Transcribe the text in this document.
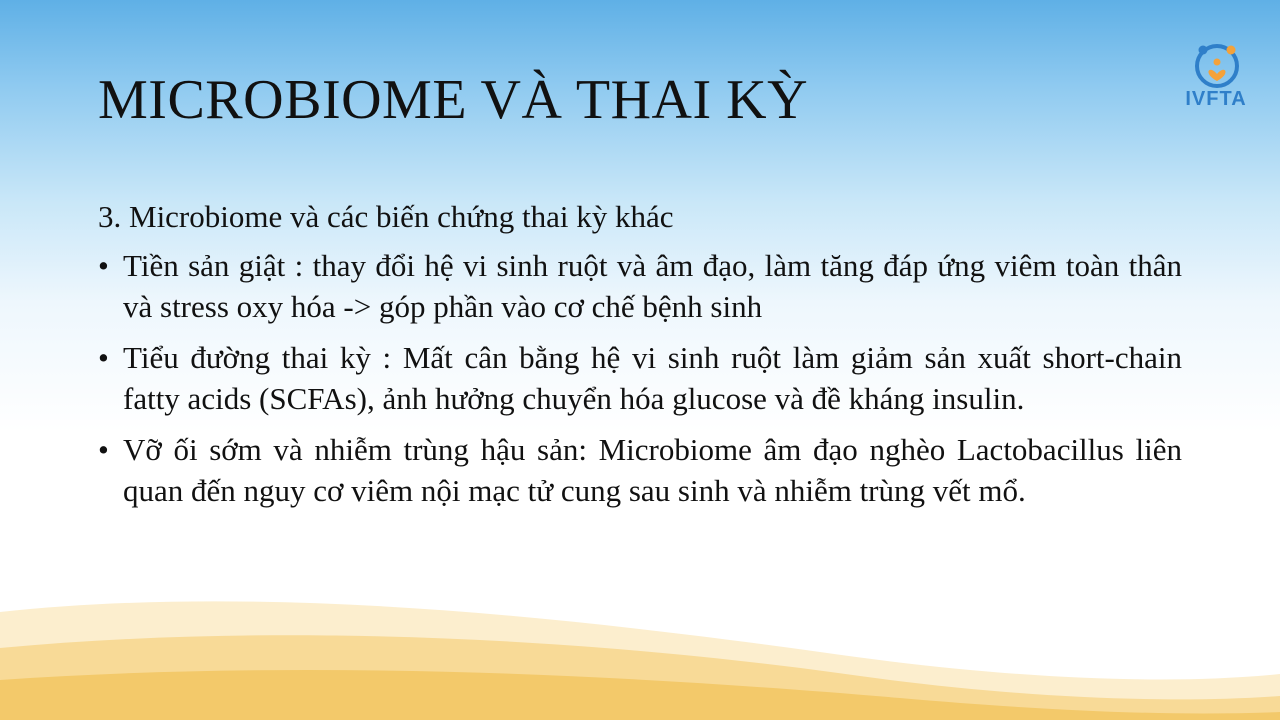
MICROBIOME VÀ THAI KỲ	IVFTA

3. Microbiome và các biến chứng thai kỳ khác

• Tiền sản giật : thay đổi hệ vi sinh ruột và âm đạo, làm tăng đáp ứng viêm toàn thân và stress oxy hóa -> góp phần vào cơ chế bệnh sinh
• Tiểu đường thai kỳ : Mất cân bằng hệ vi sinh ruột làm giảm sản xuất short-chain fatty acids (SCFAs), ảnh hưởng chuyển hóa glucose và đề kháng insulin.
• Vỡ ối sớm và nhiễm trùng hậu sản: Microbiome âm đạo nghèo Lactobacillus liên quan đến nguy cơ viêm nội mạc tử cung sau sinh và nhiễm trùng vết mổ.
